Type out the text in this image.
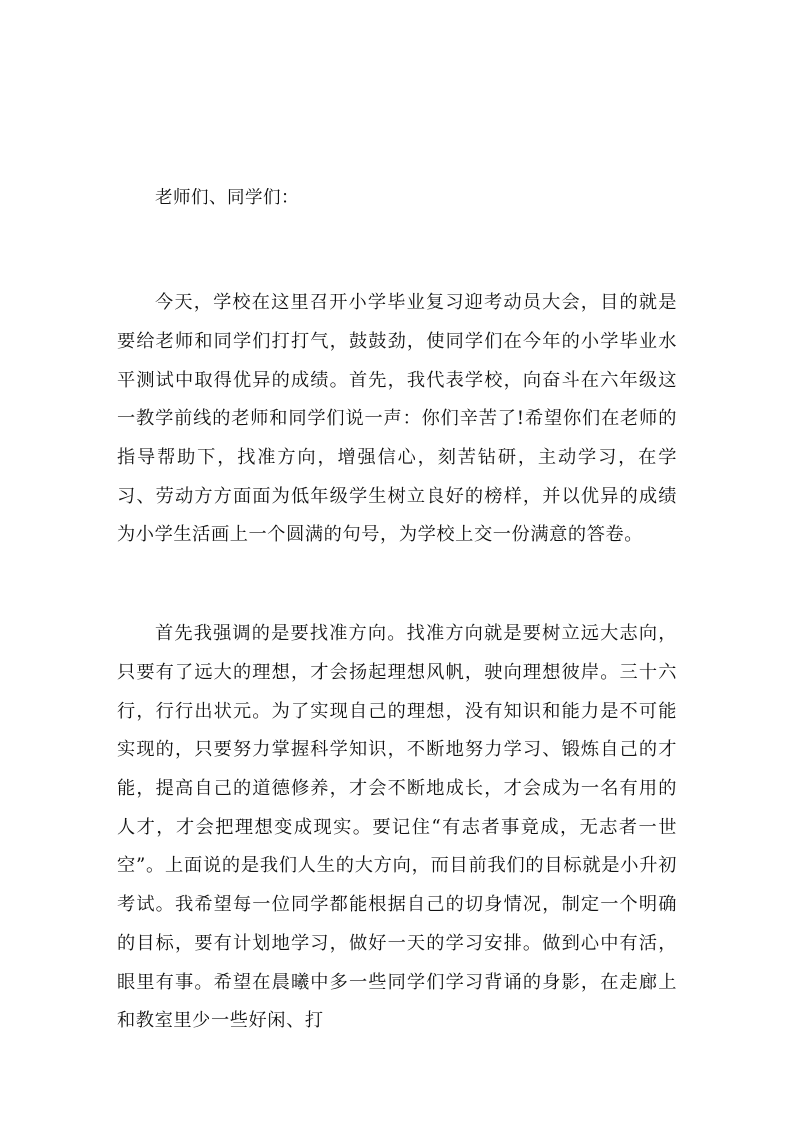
老师们、同学们：

今天，学校在这里召开小学毕业复习迎考动员大会，目的就是要给老师和同学们打打气，鼓鼓劲，使同学们在今年的小学毕业水平测试中取得优异的成绩。首先，我代表学校，向奋斗在六年级这一教学前线的老师和同学们说一声：你们辛苦了!希望你们在老师的指导帮助下，找准方向，增强信心，刻苦钻研，主动学习，在学习、劳动方方面面为低年级学生树立良好的榜样，并以优异的成绩为小学生活画上一个圆满的句号，为学校上交一份满意的答卷。

首先我强调的是要找准方向。找准方向就是要树立远大志向，只要有了远大的理想，才会扬起理想风帆，驶向理想彼岸。三十六行，行行出状元。为了实现自己的理想，没有知识和能力是不可能实现的，只要努力掌握科学知识，不断地努力学习、锻炼自己的才能，提高自己的道德修养，才会不断地成长，才会成为一名有用的人才，才会把理想变成现实。要记住“有志者事竟成，无志者一世空”。上面说的是我们人生的大方向，而目前我们的目标就是小升初考试。我希望每一位同学都能根据自己的切身情况，制定一个明确的目标，要有计划地学习，做好一天的学习安排。做到心中有活，眼里有事。希望在晨曦中多一些同学们学习背诵的身影，在走廊上和教室里少一些好闲、打
